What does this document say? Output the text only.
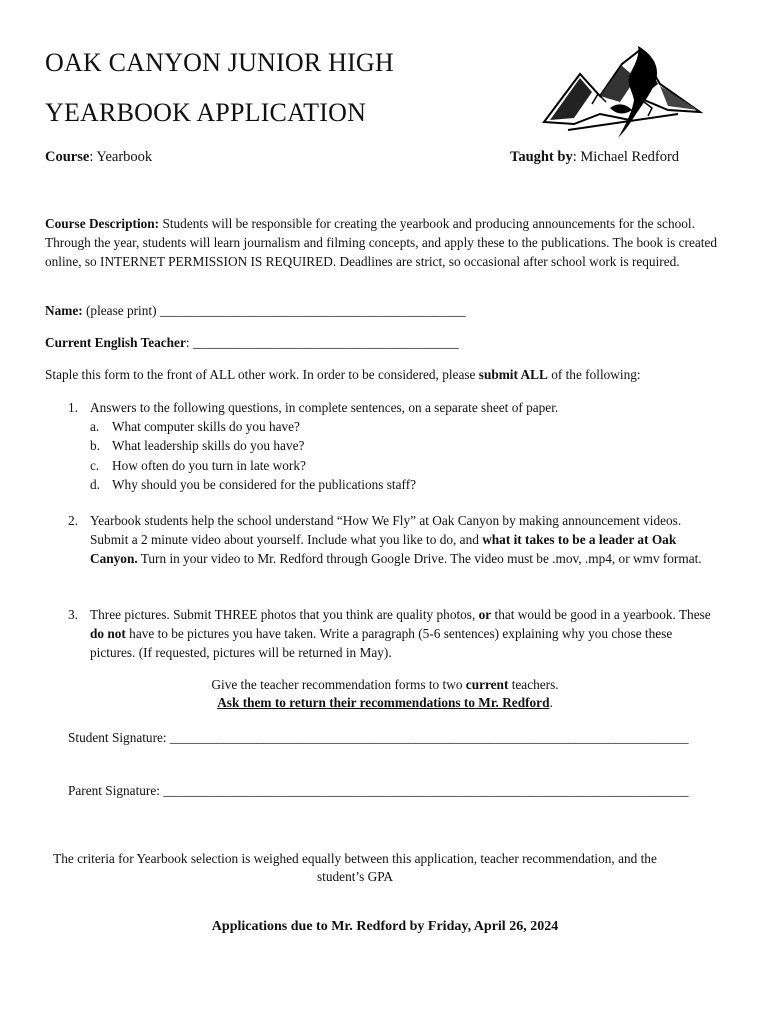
OAK CANYON JUNIOR HIGH
YEARBOOK APPLICATION
Course: Yearbook	Taught by: Michael Redford
Course Description: Students will be responsible for creating the yearbook and producing announcements for the school. Through the year, students will learn journalism and filming concepts, and apply these to the publications. The book is created online, so INTERNET PERMISSION IS REQUIRED. Deadlines are strict, so occasional after school work is required.
Name: (please print) ______________________________________________
Current English Teacher: ________________________________________
Staple this form to the front of ALL other work. In order to be considered, please submit ALL of the following:
1. Answers to the following questions, in complete sentences, on a separate sheet of paper.
a. What computer skills do you have?
b. What leadership skills do you have?
c. How often do you turn in late work?
d. Why should you be considered for the publications staff?
2. Yearbook students help the school understand “How We Fly” at Oak Canyon by making announcement videos. Submit a 2 minute video about yourself. Include what you like to do, and what it takes to be a leader at Oak Canyon. Turn in your video to Mr. Redford through Google Drive. The video must be .mov, .mp4, or wmv format.
3. Three pictures. Submit THREE photos that you think are quality photos, or that would be good in a yearbook. These do not have to be pictures you have taken. Write a paragraph (5-6 sentences) explaining why you chose these pictures. (If requested, pictures will be returned in May).
Give the teacher recommendation forms to two current teachers.
Ask them to return their recommendations to Mr. Redford.
Student Signature: ______________________________________________________________________________
Parent Signature: _______________________________________________________________________________
The criteria for Yearbook selection is weighed equally between this application, teacher recommendation, and the student’s GPA
Applications due to Mr. Redford by Friday, April 26, 2024
